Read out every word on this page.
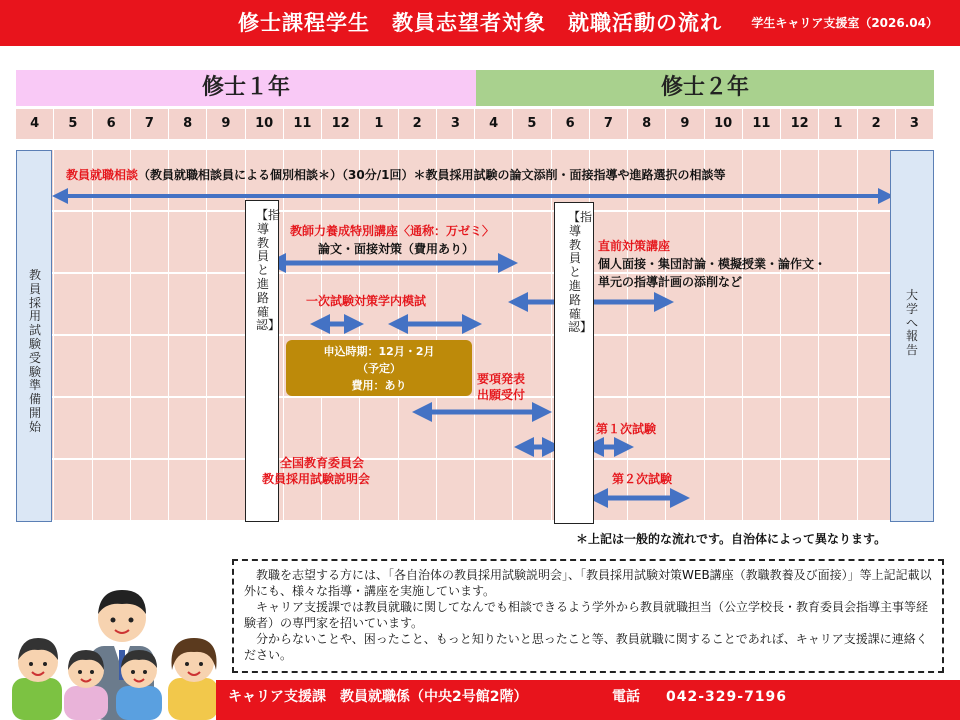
修士課程学生　教員志望者対象　就職活動の流れ	学生キャリア支援室（2026.04）
修士１年	修士２年
4	5	6	7	8	9	10	11	12	1	2	3	4	5	6	7	8	9	10	11	12	1	2	3
教員採用試験受験準備開始
【指導教員と進路確認】
【指導教員と進路確認】
大学へ報告
教員就職相談（教員就職相談員による個別相談＊）（30分/1回）＊教員採用試験の論文添削・面接指導や進路選択の相談等
教師力養成特別講座〈通称：万ゼミ〉
論文・面接対策（費用あり）	直前対策講座
個人面接・集団討論・模擬授業・論作文・
単元の指導計画の添削など
一次試験対策学内模試
申込時期：12月・2月
（予定）
費用：あり	要項発表
出願受付
第１次試験
第２次試験
全国教育委員会
教員採用試験説明会
＊上記は一般的な流れです。自治体によって異なります。

教職を志望する方には、「各自治体の教員採用試験説明会」、「教員採用試験対策WEB講座（教職教養及び面接）」等上記記載以外にも、様々な指導・講座を実施しています。

キャリア支援課では教員就職に関してなんでも相談できるよう学外から教員就職担当（公立学校長・教育委員会指導主事等経験者）の専門家を招いています。

分からないことや、困ったこと、もっと知りたいと思ったこと等、教員就職に関することであれば、キャリア支援課に連絡ください。

キャリア支援課　教員就職係（中央2号館2階）	電話 042-329-7196
